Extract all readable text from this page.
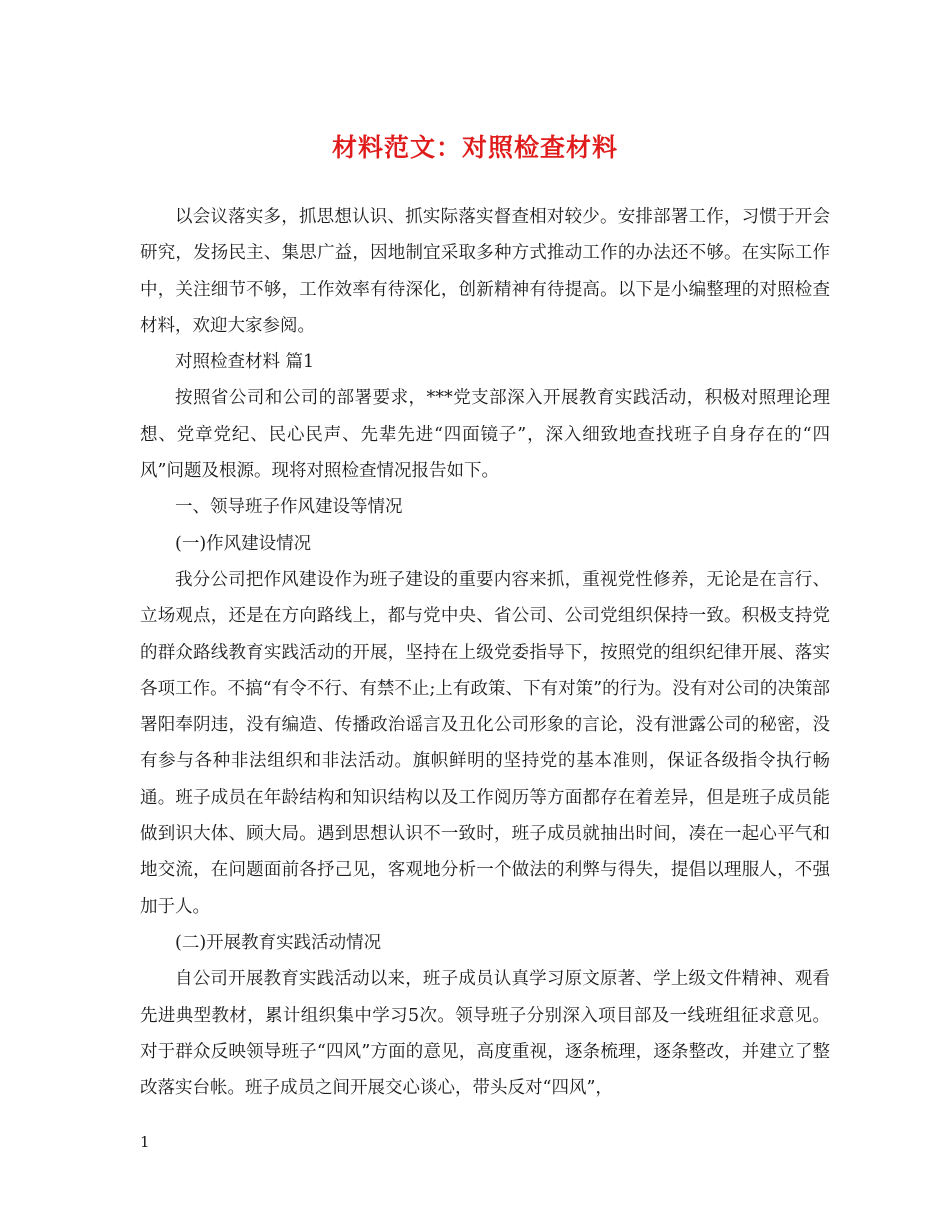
材料范文：对照检查材料

以会议落实多，抓思想认识、抓实际落实督查相对较少。安排部署工作，习惯于开会研究，发扬民主、集思广益，因地制宜采取多种方式推动工作的办法还不够。在实际工作中，关注细节不够，工作效率有待深化，创新精神有待提高。以下是小编整理的对照检查材料，欢迎大家参阅。

对照检查材料 篇1

按照省公司和公司的部署要求，***党支部深入开展教育实践活动，积极对照理论理想、党章党纪、民心民声、先辈先进“四面镜子”，深入细致地查找班子自身存在的“四风”问题及根源。现将对照检查情况报告如下。

一、领导班子作风建设等情况

(一)作风建设情况

我分公司把作风建设作为班子建设的重要内容来抓，重视党性修养，无论是在言行、立场观点，还是在方向路线上，都与党中央、省公司、公司党组织保持一致。积极支持党的群众路线教育实践活动的开展，坚持在上级党委指导下，按照党的组织纪律开展、落实各项工作。不搞“有令不行、有禁不止;上有政策、下有对策”的行为。没有对公司的决策部署阳奉阴违，没有编造、传播政治谣言及丑化公司形象的言论，没有泄露公司的秘密，没有参与各种非法组织和非法活动。旗帜鲜明的坚持党的基本准则，保证各级指令执行畅通。班子成员在年龄结构和知识结构以及工作阅历等方面都存在着差异，但是班子成员能做到识大体、顾大局。遇到思想认识不一致时，班子成员就抽出时间，凑在一起心平气和地交流，在问题面前各抒己见，客观地分析一个做法的利弊与得失，提倡以理服人，不强加于人。

(二)开展教育实践活动情况

自公司开展教育实践活动以来，班子成员认真学习原文原著、学上级文件精神、观看先进典型教材，累计组织集中学习5次。领导班子分别深入项目部及一线班组征求意见。对于群众反映领导班子“四风”方面的意见，高度重视，逐条梳理，逐条整改，并建立了整改落实台帐。班子成员之间开展交心谈心，带头反对“四风”，

1
